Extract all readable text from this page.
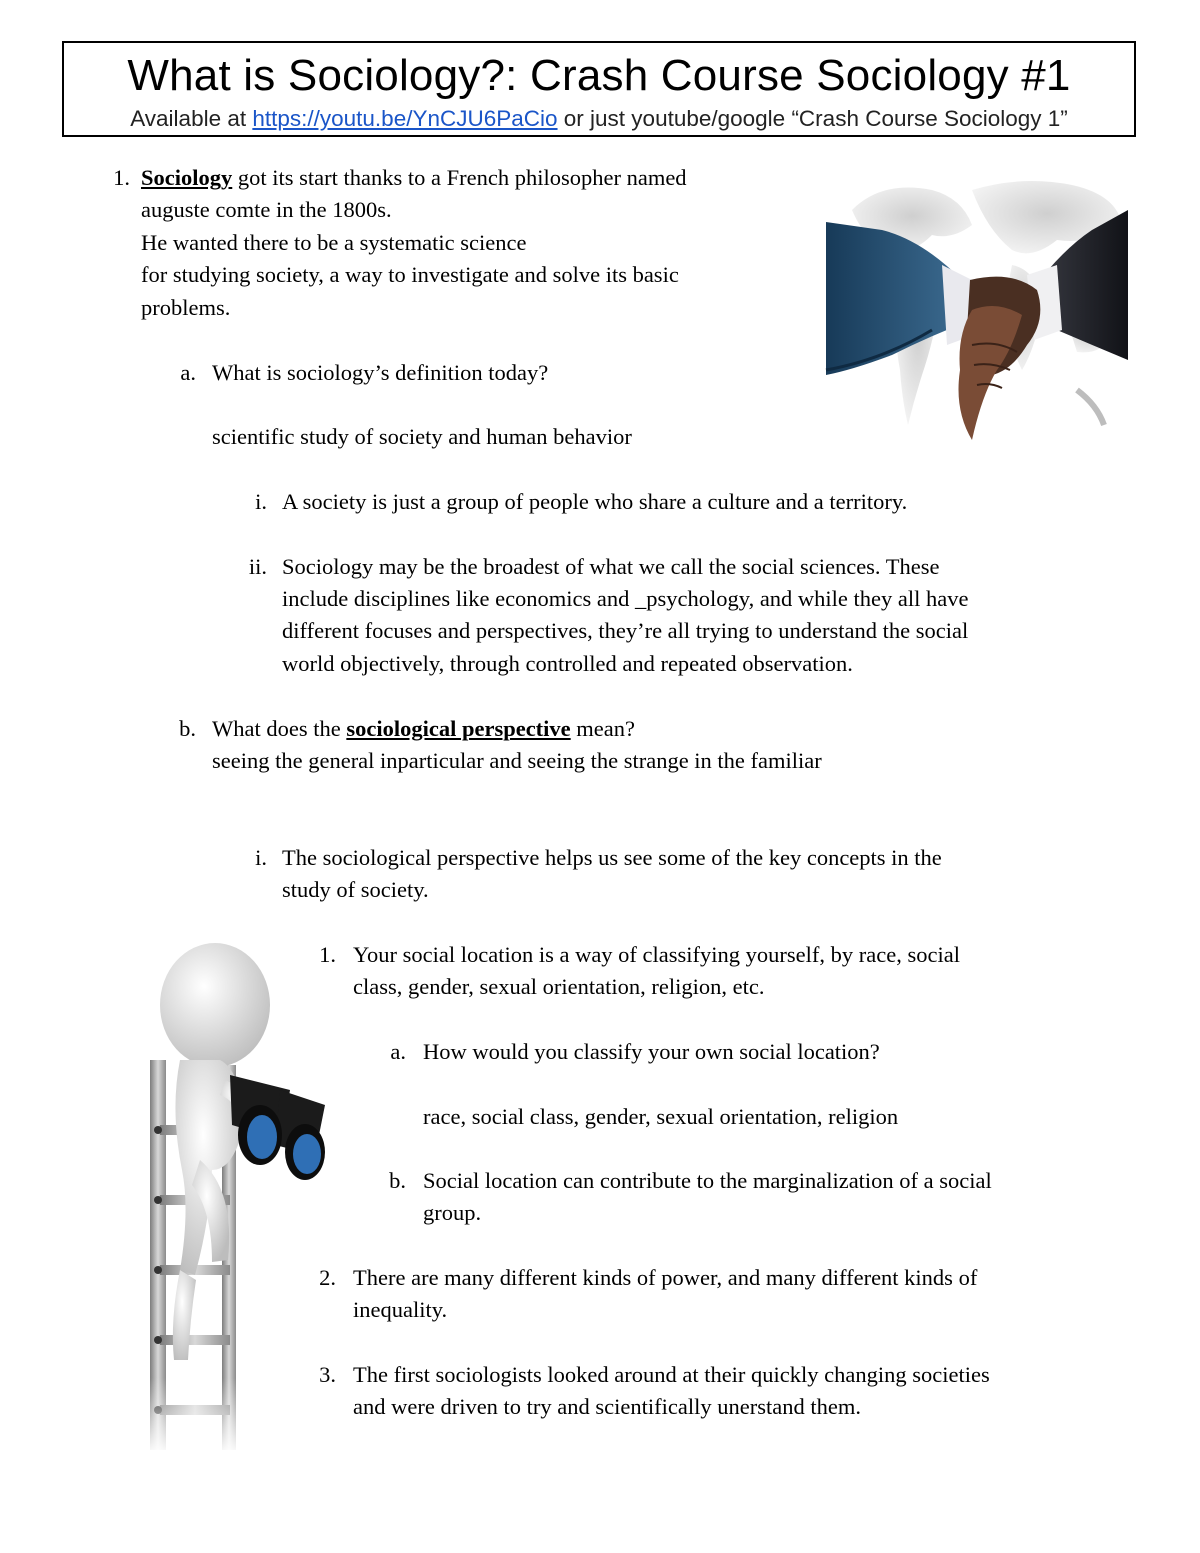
What is Sociology?: Crash Course Sociology #1
Available at https://youtu.be/YnCJU6PaCio or just youtube/google “Crash Course Sociology 1”
1. Sociology got its start thanks to a French philosopher named
auguste comte in the 1800s.
He wanted there to be a systematic science
for studying society, a way to investigate and solve its basic
problems.
a. What is sociology’s definition today?
scientific study of society and human behavior
i. A society is just a group of people who share a culture and a territory.
ii. Sociology may be the broadest of what we call the social sciences. These
include disciplines like economics and _psychology, and while they all have
different focuses and perspectives, they’re all trying to understand the social
world objectively, through controlled and repeated observation.
b. What does the sociological perspective mean?
seeing the general inparticular and seeing the strange in the familiar
i. The sociological perspective helps us see some of the key concepts in the
study of society.
1. Your social location is a way of classifying yourself, by race, social
class, gender, sexual orientation, religion, etc.
a. How would you classify your own social location?
race, social class, gender, sexual orientation, religion
b. Social location can contribute to the marginalization of a social
group.
2. There are many different kinds of power, and many different kinds of
inequality.
3. The first sociologists looked around at their quickly changing societies
and were driven to try and scientifically unerstand them.
